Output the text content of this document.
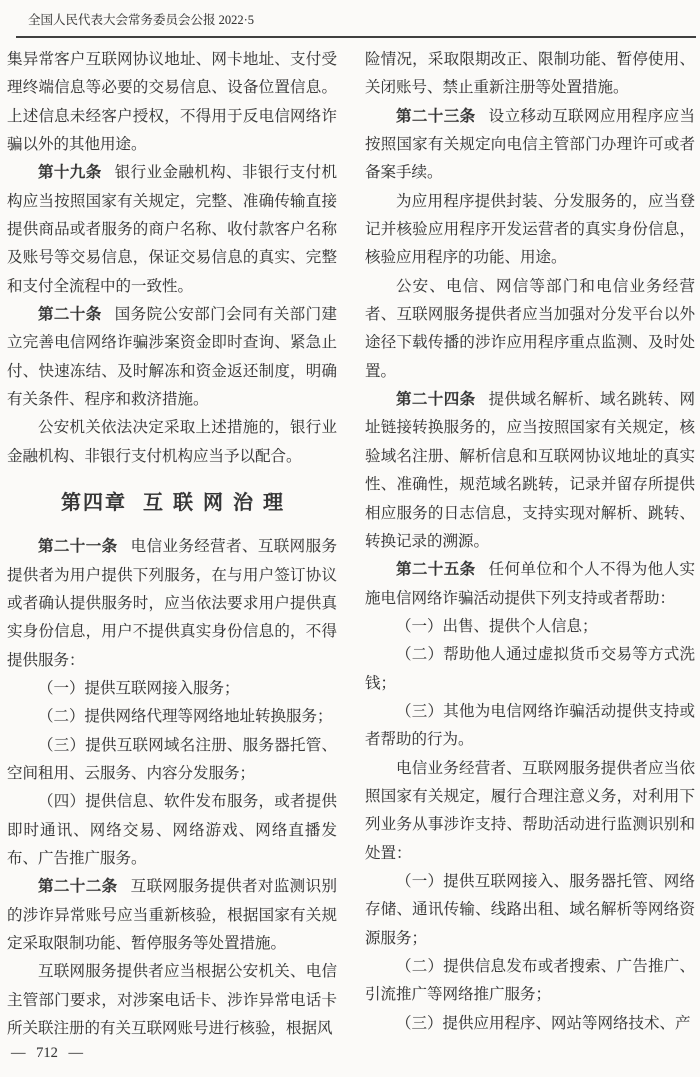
全国人民代表大会常务委员会公报 2022·5

集异常客户互联网协议地址、网卡地址、支付受理终端信息等必要的交易信息、设备位置信息。上述信息未经客户授权，不得用于反电信网络诈骗以外的其他用途。

第十九条 银行业金融机构、非银行支付机构应当按照国家有关规定，完整、准确传输直接提供商品或者服务的商户名称、收付款客户名称及账号等交易信息，保证交易信息的真实、完整和支付全流程中的一致性。

第二十条 国务院公安部门会同有关部门建立完善电信网络诈骗涉案资金即时查询、紧急止付、快速冻结、及时解冻和资金返还制度，明确有关条件、程序和救济措施。

公安机关依法决定采取上述措施的，银行业金融机构、非银行支付机构应当予以配合。

第四章 互联网治理

第二十一条 电信业务经营者、互联网服务提供者为用户提供下列服务，在与用户签订协议或者确认提供服务时，应当依法要求用户提供真实身份信息，用户不提供真实身份信息的，不得提供服务：

（一）提供互联网接入服务；

（二）提供网络代理等网络地址转换服务；

（三）提供互联网域名注册、服务器托管、空间租用、云服务、内容分发服务；

（四）提供信息、软件发布服务，或者提供即时通讯、网络交易、网络游戏、网络直播发布、广告推广服务。

第二十二条 互联网服务提供者对监测识别的涉诈异常账号应当重新核验，根据国家有关规定采取限制功能、暂停服务等处置措施。

互联网服务提供者应当根据公安机关、电信主管部门要求，对涉案电话卡、涉诈异常电话卡所关联注册的有关互联网账号进行核验，根据风

险情况，采取限期改正、限制功能、暂停使用、关闭账号、禁止重新注册等处置措施。

第二十三条 设立移动互联网应用程序应当按照国家有关规定向电信主管部门办理许可或者备案手续。

为应用程序提供封装、分发服务的，应当登记并核验应用程序开发运营者的真实身份信息，核验应用程序的功能、用途。

公安、电信、网信等部门和电信业务经营者、互联网服务提供者应当加强对分发平台以外途径下载传播的涉诈应用程序重点监测、及时处置。

第二十四条 提供域名解析、域名跳转、网址链接转换服务的，应当按照国家有关规定，核验域名注册、解析信息和互联网协议地址的真实性、准确性，规范域名跳转，记录并留存所提供相应服务的日志信息，支持实现对解析、跳转、转换记录的溯源。

第二十五条 任何单位和个人不得为他人实施电信网络诈骗活动提供下列支持或者帮助：

（一）出售、提供个人信息；

（二）帮助他人通过虚拟货币交易等方式洗钱；

（三）其他为电信网络诈骗活动提供支持或者帮助的行为。

电信业务经营者、互联网服务提供者应当依照国家有关规定，履行合理注意义务，对利用下列业务从事涉诈支持、帮助活动进行监测识别和处置：

（一）提供互联网接入、服务器托管、网络存储、通讯传输、线路出租、域名解析等网络资源服务；

（二）提供信息发布或者搜索、广告推广、引流推广等网络推广服务；

（三）提供应用程序、网站等网络技术、产

— 712 —
